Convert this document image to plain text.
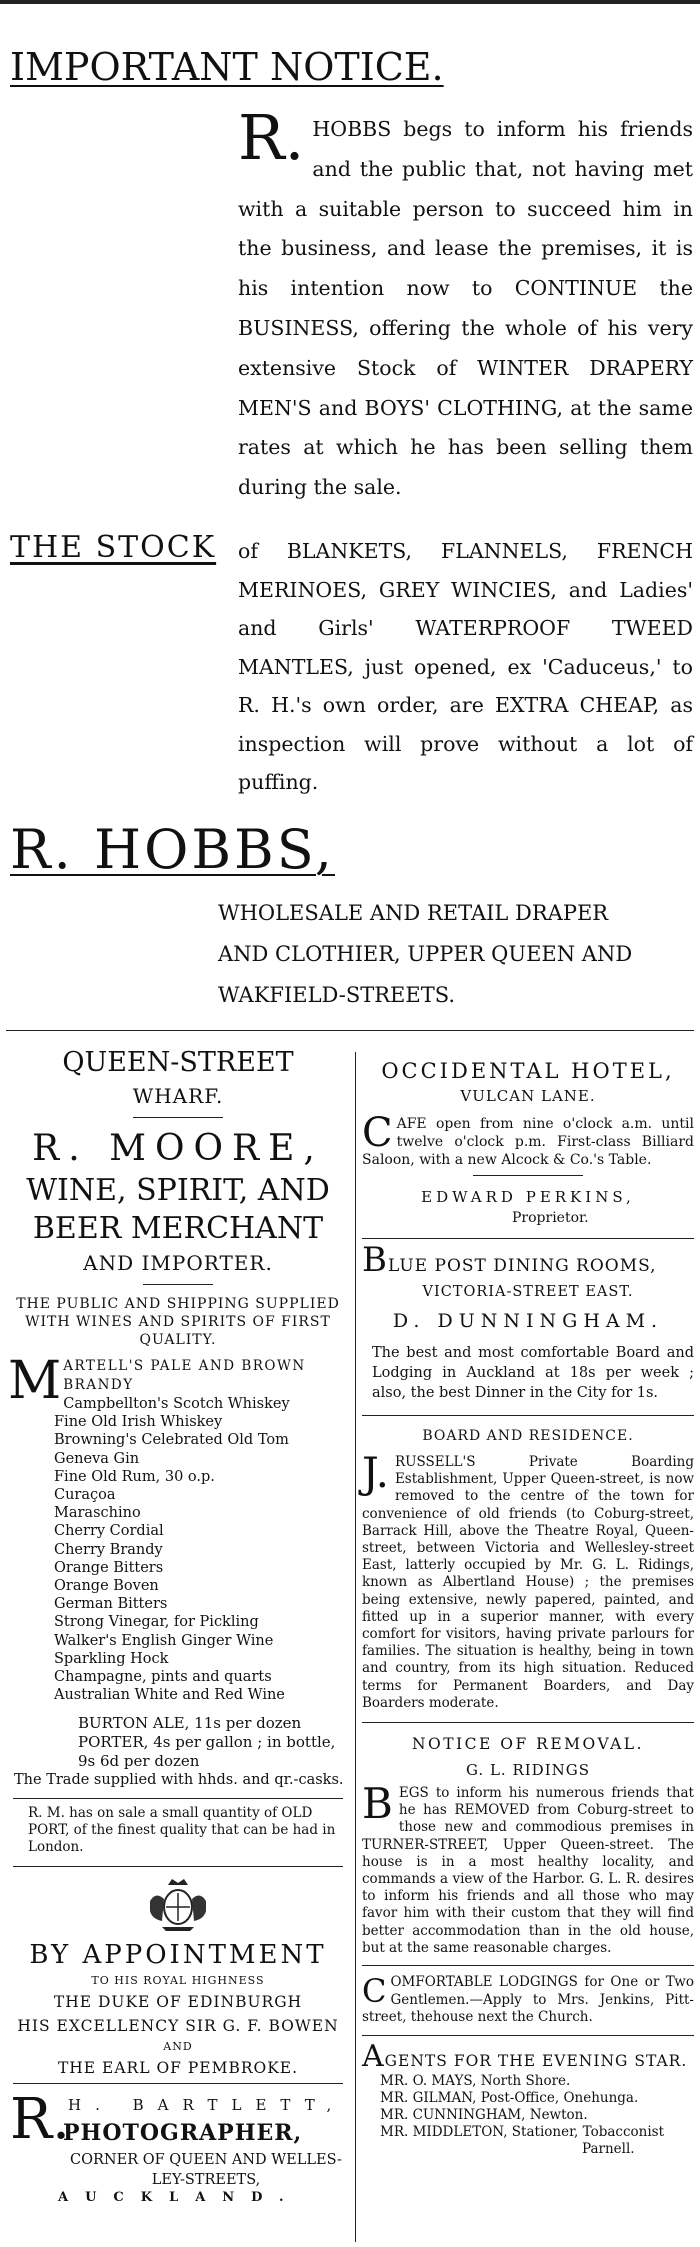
IMPORTANT NOTICE.

R. HOBBS begs to inform his friends and the public that, not having met with a suitable person to succeed him in the business, and lease the premises, it is his intention now to CONTINUE the BUSINESS, offering the whole of his very extensive Stock of WINTER DRAPERY MEN'S and BOYS' CLOTHING, at the same rates at which he has been selling them during the sale.

THE STOCK of BLANKETS, FLANNELS, FRENCH MERINOES, GREY WINCIES, and Ladies' and Girls' WATERPROOF TWEED MANTLES, just opened, ex 'Caduceus,' to R. H.'s own order, are EXTRA CHEAP, as inspection will prove without a lot of puffing.

R. HOBBS,
WHOLESALE AND RETAIL DRAPER
AND CLOTHIER, UPPER QUEEN AND
WAKFIELD-STREETS.

QUEEN-STREET

WHARF.

R. MOORE,

WINE, SPIRIT, AND

BEER MERCHANT

AND IMPORTER.

THE PUBLIC AND SHIPPING SUPPLIED WITH WINES AND SPIRITS OF FIRST QUALITY.

M ARTELL'S PALE AND BROWN BRANDY

Campbellton's Scotch Whiskey
Fine Old Irish Whiskey
Browning's Celebrated Old Tom
Geneva Gin
Fine Old Rum, 30 o.p.
Curaçoa
Maraschino
Cherry Cordial
Cherry Brandy
Orange Bitters
Orange Boven
German Bitters
Strong Vinegar, for Pickling
Walker's English Ginger Wine
Sparkling Hock
Champagne, pints and quarts
Australian White and Red Wine

BURTON ALE, 11s per dozen

PORTER, 4s per gallon ; in bottle, 9s 6d per dozen

The Trade supplied with hhds. and qr.-casks.

R. M. has on sale a small quantity of OLD PORT, of the finest quality that can be had in London.

BY APPOINTMENT

TO HIS ROYAL HIGHNESS

THE DUKE OF EDINBURGH

HIS EXCELLENCY SIR G. F. BOWEN

AND

THE EARL OF PEMBROKE.

R.
H. BARTLETT,
PHOTOGRAPHER,
CORNER OF QUEEN AND WELLES-
LEY-STREETS,

AUCKLAND.

OCCIDENTAL HOTEL,

VULCAN LANE.

C AFE open from nine o'clock a.m. until twelve o'clock p.m. First-class Billiard Saloon, with a new Alcock & Co.'s Table.

EDWARD PERKINS,

Proprietor.

BLUE POST DINING ROOMS,

VICTORIA-STREET EAST.

D. DUNNINGHAM.

The best and most comfortable Board and Lodging in Auckland at 18s per week ; also, the best Dinner in the City for 1s.

BOARD AND RESIDENCE.

J. RUSSELL'S Private Boarding Establishment, Upper Queen-street, is now removed to the centre of the town for convenience of old friends (to Coburg-street, Barrack Hill, above the Theatre Royal, Queen-street, between Victoria and Wellesley-street East, latterly occupied by Mr. G. L. Ridings, known as Albertland House) ; the premises being extensive, newly papered, painted, and fitted up in a superior manner, with every comfort for visitors, having private parlours for families. The situation is healthy, being in town and country, from its high situation. Reduced terms for Permanent Boarders, and Day Boarders moderate.

NOTICE OF REMOVAL.

G. L. RIDINGS

B EGS to inform his numerous friends that he has REMOVED from Coburg-street to those new and commodious premises in TURNER-STREET, Upper Queen-street. The house is in a most healthy locality, and commands a view of the Harbor. G. L. R. desires to inform his friends and all those who may favor him with their custom that they will find better accommodation than in the old house, but at the same reasonable charges.

C OMFORTABLE LODGINGS for One or Two Gentlemen.—Apply to Mrs. Jenkins, Pitt-street, thehouse next the Church.

AGENTS FOR THE EVENING STAR.

MR. O. MAYS, North Shore.
MR. GILMAN, Post-Office, Onehunga.
MR. CUNNINGHAM, Newton.
MR. MIDDLETON, Stationer, Tobacconist

Parnell.
